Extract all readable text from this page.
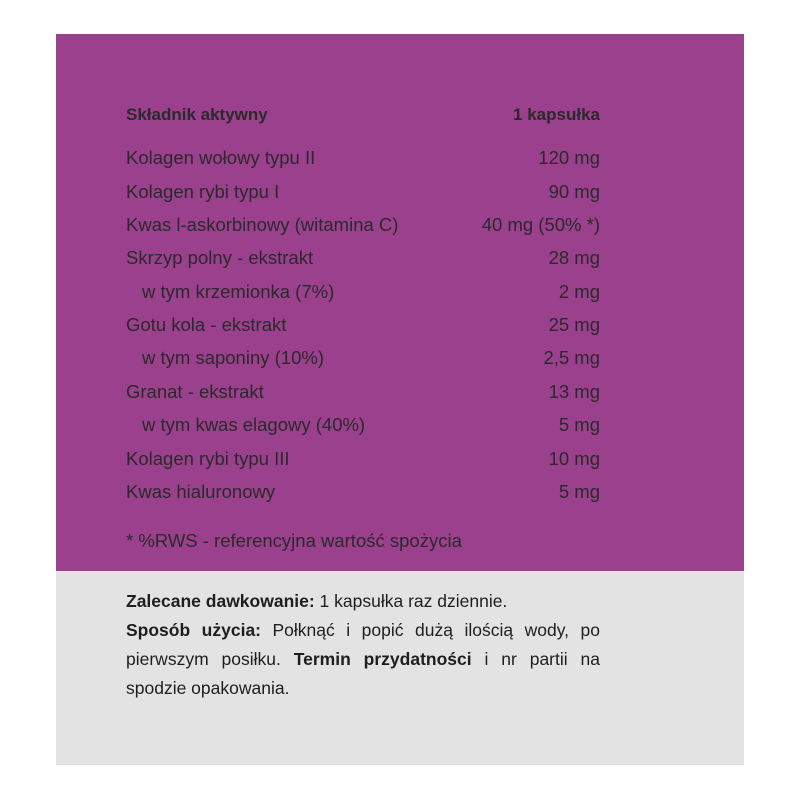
Składnik aktywny	1 kapsułka
Kolagen wołowy typu II	120 mg
Kolagen rybi typu I	90 mg
Kwas l-askorbinowy (witamina C)	40 mg (50% *)
Skrzyp polny - ekstrakt	28 mg
w tym krzemionka (7%)	2 mg
Gotu kola - ekstrakt	25 mg
w tym saponiny (10%)	2,5 mg
Granat - ekstrakt	13 mg
w tym kwas elagowy (40%)	5 mg
Kolagen rybi typu III	10 mg
Kwas hialuronowy	5 mg
* %RWS - referencyjna wartość spożycia

Zalecane dawkowanie: 1 kapsułka raz dziennie.

Sposób użycia: Połknąć i popić dużą ilością wody, po pierwszym posiłku. Termin przydatności i nr partii na spodzie opakowania.
